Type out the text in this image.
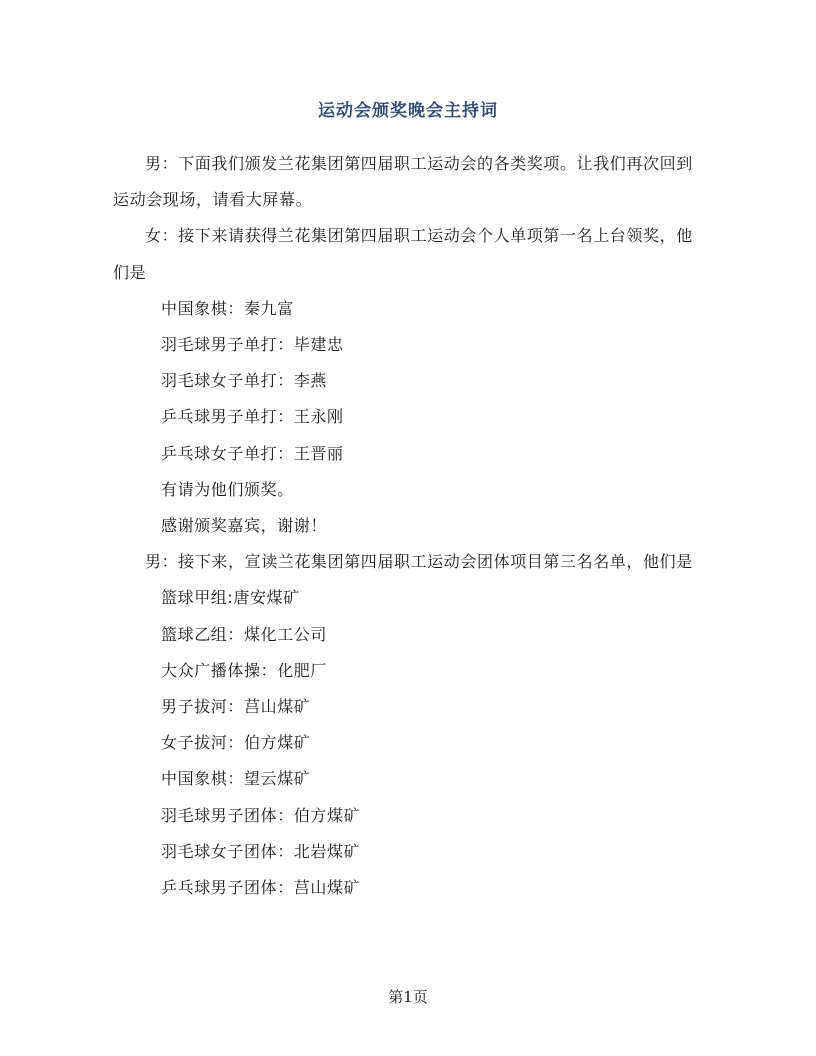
运动会颁奖晚会主持词

男：下面我们颁发兰花集团第四届职工运动会的各类奖项。让我们再次回到运动会现场，请看大屏幕。

女：接下来请获得兰花集团第四届职工运动会个人单项第一名上台领奖，他们是

中国象棋：秦九富

羽毛球男子单打：毕建忠

羽毛球女子单打：李燕

乒乓球男子单打：王永刚

乒乓球女子单打：王晋丽

有请为他们颁奖。

感谢颁奖嘉宾，谢谢！

男：接下来，宣读兰花集团第四届职工运动会团体项目第三名名单，他们是

篮球甲组:唐安煤矿

篮球乙组：煤化工公司

大众广播体操：化肥厂

男子拔河：莒山煤矿

女子拔河：伯方煤矿

中国象棋：望云煤矿

羽毛球男子团体：伯方煤矿

羽毛球女子团体：北岩煤矿

乒乓球男子团体：莒山煤矿

第1页
